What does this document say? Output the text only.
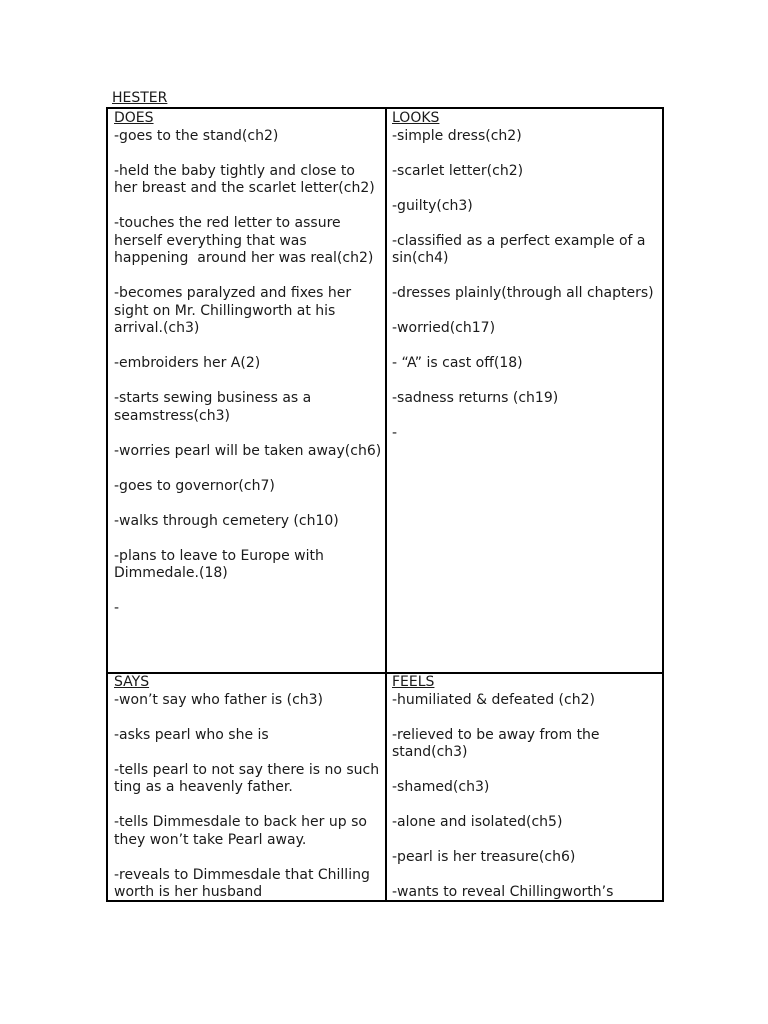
HESTER
DOES
-goes to the stand(ch2)
-held the baby tightly and close to her breast and the scarlet letter(ch2)
-touches the red letter to assure herself everything that was happening  around her was real(ch2)
-becomes paralyzed and fixes her sight on Mr. Chillingworth at his arrival.(ch3)
-embroiders her A(2)
-starts sewing business as a seamstress(ch3)
-worries pearl will be taken away(ch6)
-goes to governor(ch7)
-walks through cemetery (ch10)
-plans to leave to Europe with Dimmedale.(18)
-
LOOKS
-simple dress(ch2)
-scarlet letter(ch2)
-guilty(ch3)
-classified as a perfect example of a sin(ch4)
-dresses plainly(through all chapters)
-worried(ch17)
- “A” is cast off(18)
-sadness returns (ch19)
-
SAYS
-won’t say who father is (ch3)
-asks pearl who she is
-tells pearl to not say there is no such ting as a heavenly father.
-tells Dimmesdale to back her up so they won’t take Pearl away.
-reveals to Dimmesdale that Chilling worth is her husband
FEELS
-humiliated & defeated (ch2)
-relieved to be away from the stand(ch3)
-shamed(ch3)
-alone and isolated(ch5)
-pearl is her treasure(ch6)
-wants to reveal Chillingworth’s
